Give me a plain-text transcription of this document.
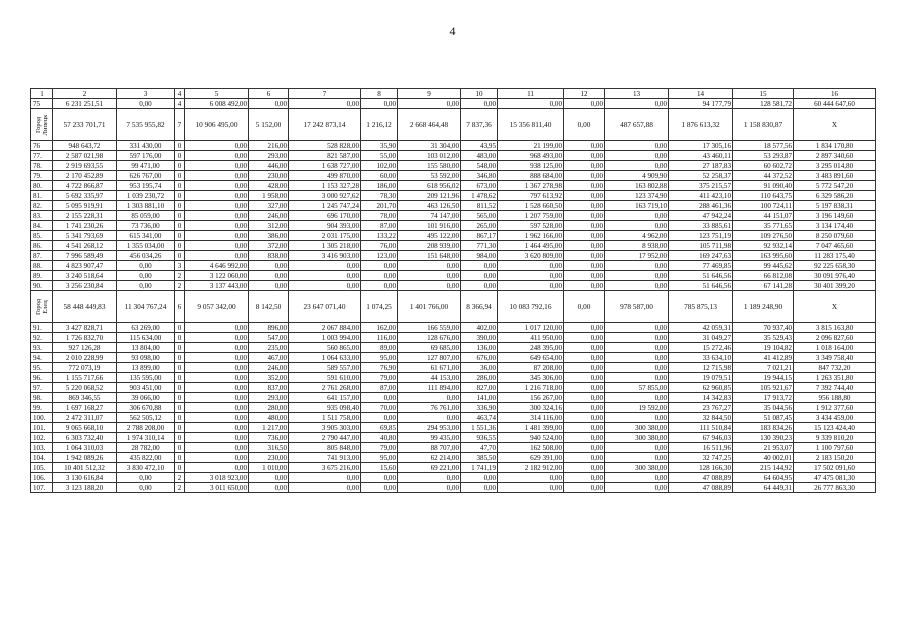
4
1	2	3	4	5	6	7	8	9	10	11	12	13	14	15	16
75	6 231 251,51	0,00	4	6 008 492,00	0,00	0,00	0,00	0,00	0,00	0,00	0,00	0,00	94 177,79	128 581,72	60 444 647,60

Город
Липецк	57 233 701,71	7 535 955,82	7	10 906 495,00	5 152,00	17 242 873,14	1 216,12	2 668 464,48	7 837,36	15 356 811,40	0,00	487 657,88	1 876 613,32	1 158 830,87	X
76	948 643,72	331 430,00	0	0,00	216,00	528 828,00	35,90	31 304,00	43,95	21 199,00	0,00	0,00	17 305,16	18 577,56	1 834 170,80
77.	2 587 021,98	597 176,00	0	0,00	293,00	821 587,00	55,00	103 012,00	483,00	968 493,00	0,00	0,00	43 460,11	53 293,87	2 897 340,60
78.	2 919 693,55	99 471,00	0	0,00	446,00	1 638 727,00	102,00	155 580,00	548,00	938 125,00	0,00	0,00	27 187,83	60 602,72	3 295 014,80
79.	2 170 452,89	626 767,00	0	0,00	230,00	499 870,00	60,00	53 592,00	346,80	888 684,00	0,00	4 909,90	52 258,37	44 372,52	3 483 891,60
80.	4 722 866,87	953 195,74	0	0,00	428,00	1 153 327,28	186,00	618 956,02	673,00	1 367 278,98	0,00	163 802,88	375 215,57	91 090,40	5 772 547,20
81.	5 692 335,97	1 039 230,72	0	0,00	1 958,00	3 000 927,62	78,30	209 121,96	1 478,62	797 613,92	0,00	123 374,90	411 423,10	110 643,75	6 329 586,20
82.	5 095 919,91	1 303 881,10	0	0,00	327,00	1 245 747,24	201,70	463 126,50	811,52	1 528 660,50	0,00	163 719,10	288 461,36	100 724,11	5 197 838,31
83.	2 155 228,31	85 059,00	0	0,00	246,00	696 170,00	78,00	74 147,00	565,00	1 207 759,00	0,00	0,00	47 942,24	44 151,07	3 196 149,60
84.	1 741 230,26	73 736,00	0	0,00	312,00	904 393,00	87,00	101 916,00	265,00	597 528,00	0,00	0,00	33 885,61	35 771,65	3 134 174,40
85.	5 341 793,69	615 341,00	0	0,00	386,00	2 031 175,00	133,22	495 122,00	867,17	1 962 166,00	0,00	4 962,00	123 751,19	109 276,50	8 250 079,60
86.	4 541 268,12	1 355 034,00	0	0,00	372,00	1 305 218,00	76,00	208 939,00	771,30	1 464 495,00	0,00	8 938,00	105 711,98	92 932,14	7 047 465,60
87.	7 996 589,49	456 034,26	0	0,00	838,00	3 416 903,00	123,00	151 648,00	984,00	3 620 809,00	0,00	17 952,00	169 247,63	163 995,60	11 283 175,40
88.	4 823 907,47	0,00	3	4 646 992,00	0,00	0,00	0,00	0,00	0,00	0,00	0,00	0,00	77 469,85	99 445,62	92 225 658,30
89.	3 240 518,64	0,00	2	3 122 060,00	0,00	0,00	0,00	0,00	0,00	0,00	0,00	0,00	51 646,56	66 812,08	30 091 976,40
90.	3 256 230,84	0,00	2	3 137 443,00	0,00	0,00	0,00	0,00	0,00	0,00	0,00	0,00	51 646,56	67 141,28	30 401 399,20

Город
Елец	58 448 449,83	11 304 767,24	6	9 057 342,00	8 142,50	23 647 071,40	1 074,25	1 401 766,00	8 366,94	10 083 792,16	0,00	978 587,00	785 875,13	1 189 248,90	X
91.	3 427 828,71	63 269,00	0	0,00	896,00	2 067 884,00	162,00	166 559,00	402,00	1 017 120,00	0,00	0,00	42 059,31	70 937,40	3 815 163,80
92.	1 726 832,70	115 634,00	0	0,00	547,00	1 003 994,00	116,00	128 676,00	390,00	411 950,00	0,00	0,00	31 049,27	35 529,43	2 096 827,60
93.	927 126,28	13 804,00	0	0,00	235,00	560 865,00	89,00	69 685,00	136,00	248 395,00	0,00	0,00	15 272,46	19 104,82	1 018 164,00
94.	2 010 228,99	93 098,00	0	0,00	467,00	1 064 633,00	95,00	127 807,00	676,00	649 654,00	0,00	0,00	33 634,10	41 412,89	3 349 758,40
95.	772 073,19	13 899,00	0	0,00	246,00	589 557,00	76,90	61 671,00	36,00	87 208,00	0,00	0,00	12 715,98	7 021,21	847 732,20
96.	1 155 717,66	135 595,00	0	0,00	352,00	591 610,00	79,00	44 153,00	286,00	345 306,00	0,00	0,00	19 079,51	19 944,15	1 263 351,80
97.	5 220 068,52	903 451,00	0	0,00	837,00	2 761 268,00	87,00	111 894,00	827,00	1 216 718,00	0,00	57 855,00	62 960,85	105 921,67	7 392 744,40
98.	869 346,55	39 066,00	0	0,00	293,00	641 157,00	0,00	0,00	141,00	156 267,00	0,00	0,00	14 342,83	17 913,72	956 188,80
99.	1 697 168,27	306 670,88	0	0,00	280,00	935 098,40	70,00	76 761,00	336,90	300 324,16	0,00	19 592,00	23 767,27	35 044,56	1 912 377,60
100.	2 472 311,07	562 505,12	0	0,00	480,00	1 511 758,00	0,00	0,00	463,74	314 116,00	0,00	0,00	32 844,50	51 087,45	3 434 459,00
101.	9 065 668,10	2 788 208,00	0	0,00	1 217,00	3 905 303,00	69,85	294 953,00	1 551,36	1 481 399,00	0,00	300 380,00	111 510,84	183 834,26	15 123 424,40
102.	6 303 732,40	1 974 310,14	0	0,00	736,00	2 790 447,00	40,80	99 435,00	936,55	940 524,00	0,00	300 380,00	67 946,03	130 390,23	9 339 810,20
103.	1 064 310,03	28 782,00	0	0,00	316,50	805 848,00	79,00	88 707,00	47,70	162 508,00	0,00	0,00	16 511,96	21 953,07	1 100 797,60
104.	1 942 089,26	435 822,00	0	0,00	230,00	741 913,00	95,00	62 214,00	385,50	629 391,00	0,00	0,00	32 747,25	40 002,01	2 183 150,20
105.	10 401 512,32	3 830 472,10	0	0,00	1 010,00	3 675 216,00	15,60	69 221,00	1 741,19	2 182 912,00	0,00	300 380,00	128 166,30	215 144,92	17 502 091,60
106.	3 130 616,84	0,00	2	3 018 923,00	0,00	0,00	0,00	0,00	0,00	0,00	0,00	0,00	47 088,89	64 604,95	47 475 081,30
107.	3 123 188,20	0,00	2	3 011 650,00	0,00	0,00	0,00	0,00	0,00	0,00	0,00	0,00	47 088,89	64 449,31	26 777 863,30
